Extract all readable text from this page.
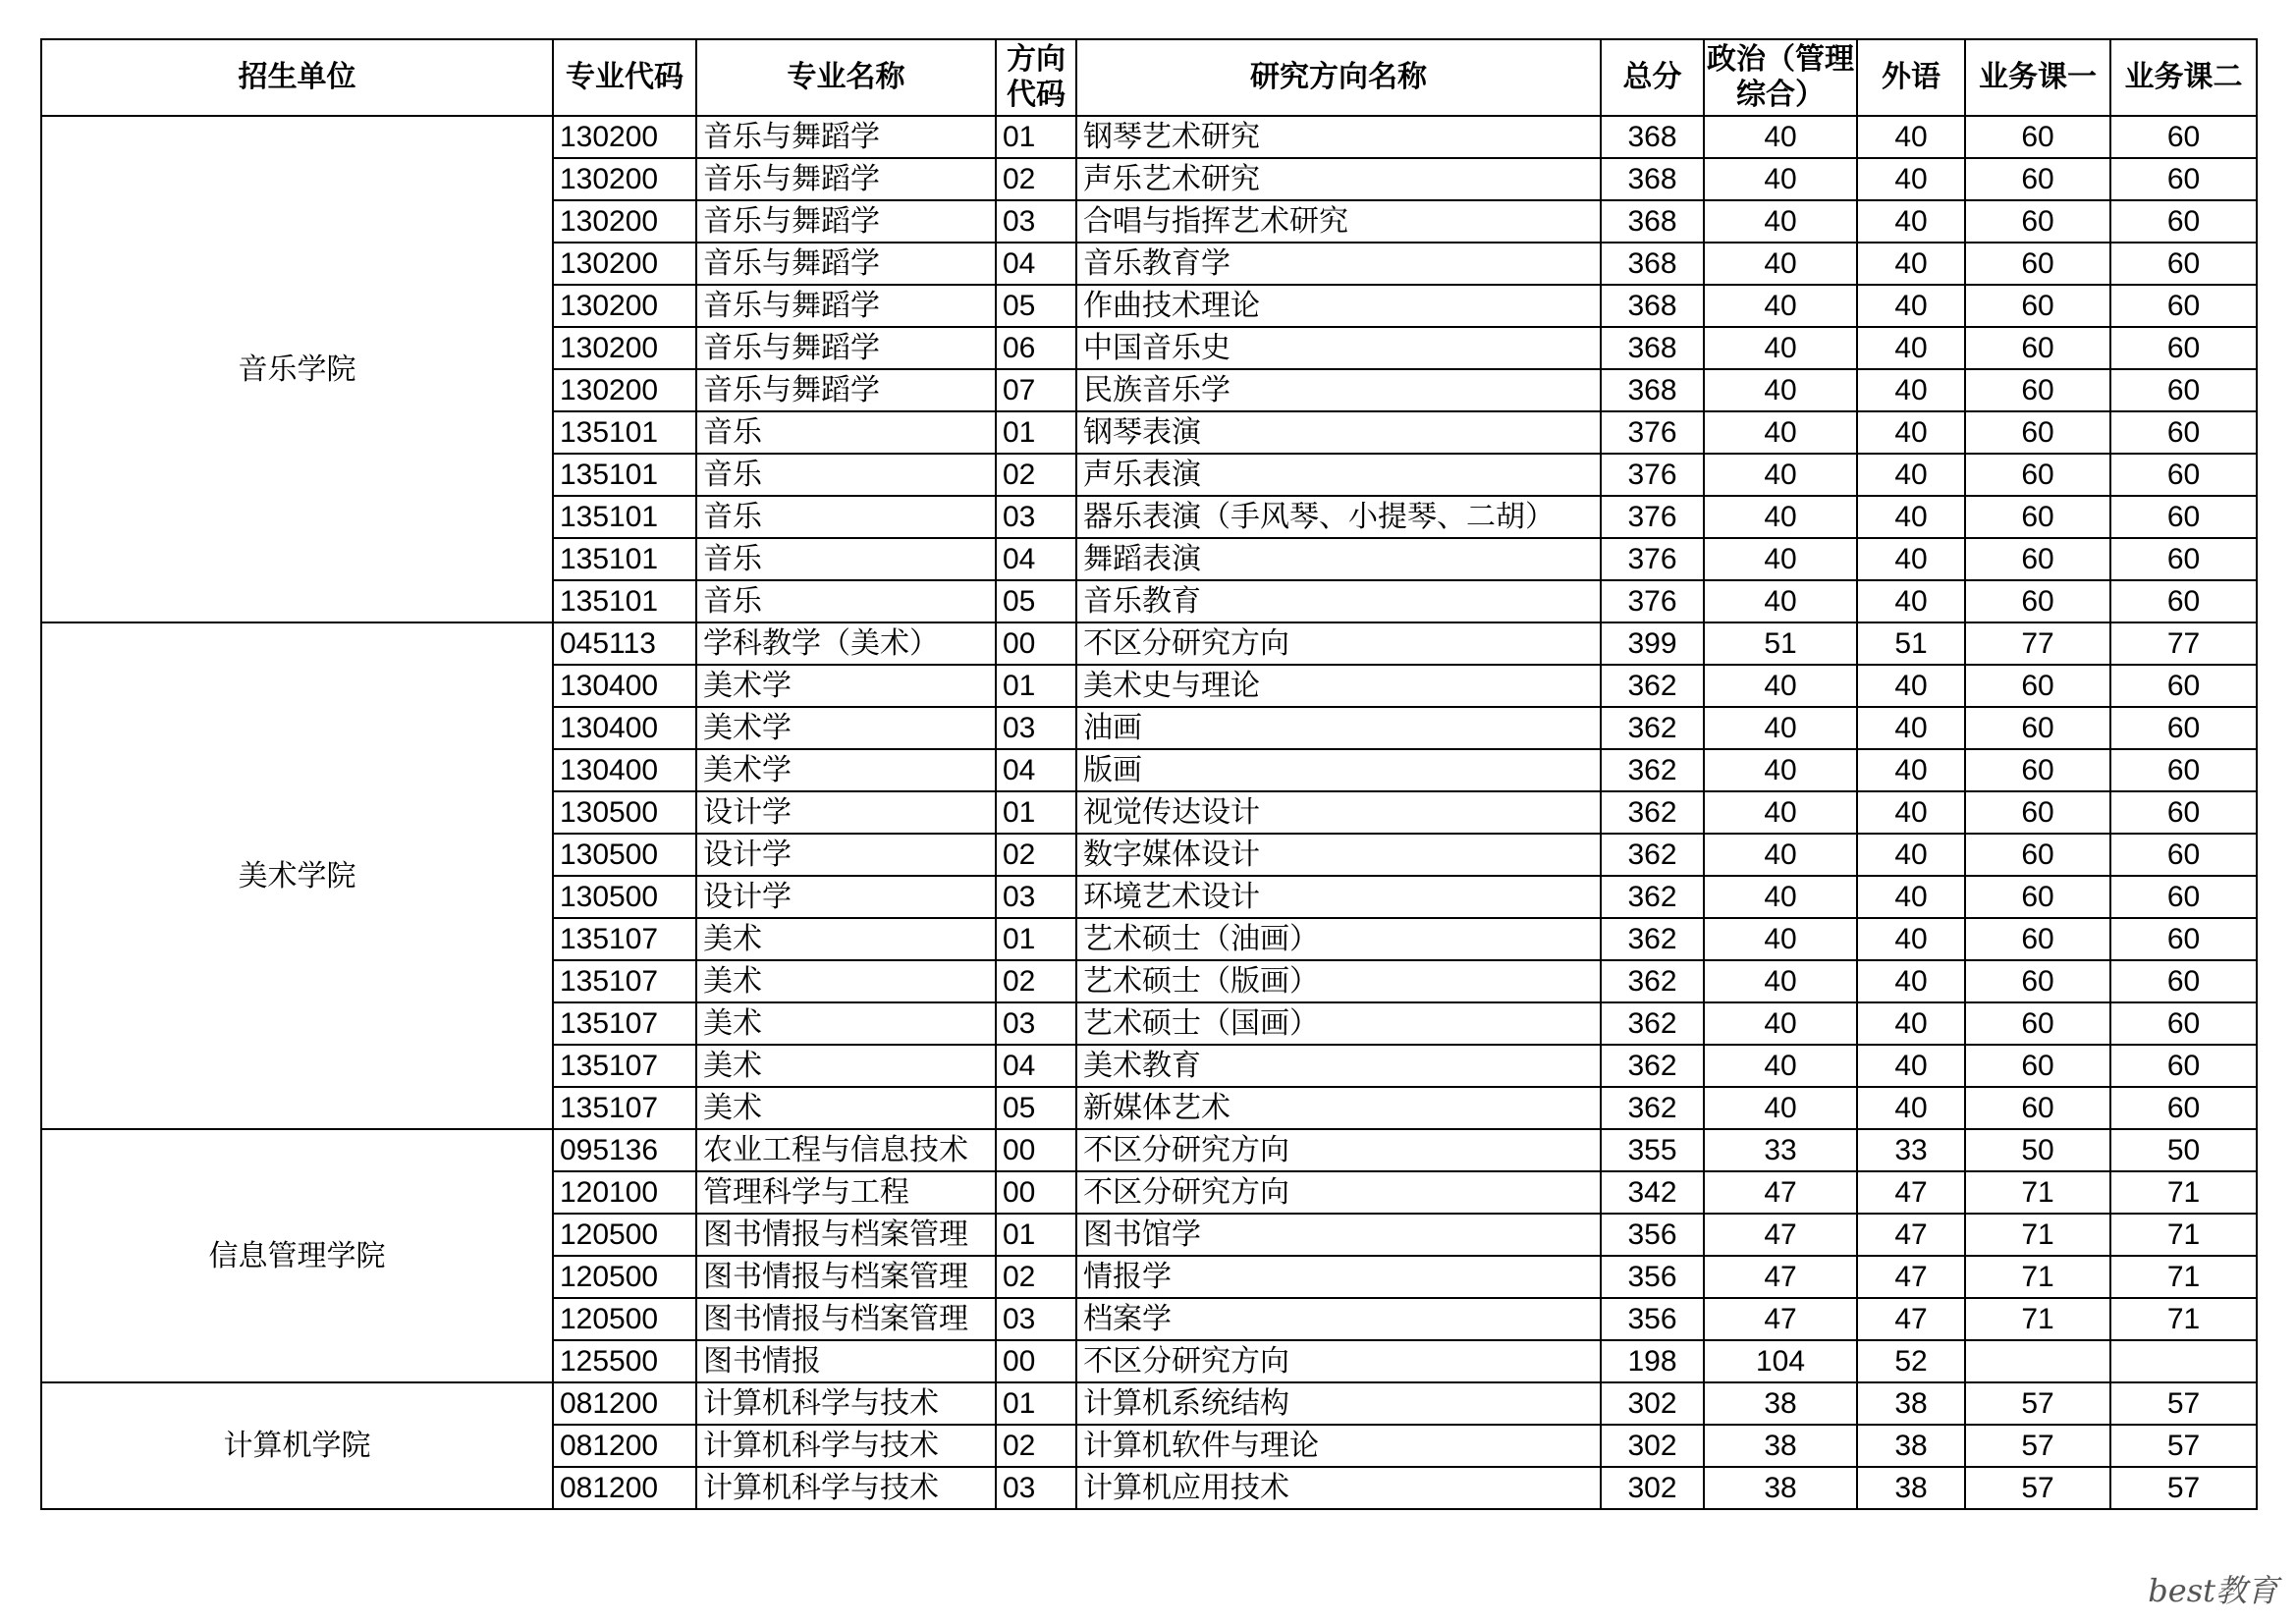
招生单位	专业代码	专业名称	方向代码	研究方向名称	总分	政治（管理综合）	外语	业务课一	业务课二
音乐学院	130200	音乐与舞蹈学	01	钢琴艺术研究	368	40	40	60	60
	130200	音乐与舞蹈学	02	声乐艺术研究	368	40	40	60	60
	130200	音乐与舞蹈学	03	合唱与指挥艺术研究	368	40	40	60	60
	130200	音乐与舞蹈学	04	音乐教育学	368	40	40	60	60
	130200	音乐与舞蹈学	05	作曲技术理论	368	40	40	60	60
	130200	音乐与舞蹈学	06	中国音乐史	368	40	40	60	60
	130200	音乐与舞蹈学	07	民族音乐学	368	40	40	60	60
	135101	音乐	01	钢琴表演	376	40	40	60	60
	135101	音乐	02	声乐表演	376	40	40	60	60
	135101	音乐	03	器乐表演（手风琴、小提琴、二胡）	376	40	40	60	60
	135101	音乐	04	舞蹈表演	376	40	40	60	60
	135101	音乐	05	音乐教育	376	40	40	60	60
美术学院	045113	学科教学（美术）	00	不区分研究方向	399	51	51	77	77
	130400	美术学	01	美术史与理论	362	40	40	60	60
	130400	美术学	03	油画	362	40	40	60	60
	130400	美术学	04	版画	362	40	40	60	60
	130500	设计学	01	视觉传达设计	362	40	40	60	60
	130500	设计学	02	数字媒体设计	362	40	40	60	60
	130500	设计学	03	环境艺术设计	362	40	40	60	60
	135107	美术	01	艺术硕士（油画）	362	40	40	60	60
	135107	美术	02	艺术硕士（版画）	362	40	40	60	60
	135107	美术	03	艺术硕士（国画）	362	40	40	60	60
	135107	美术	04	美术教育	362	40	40	60	60
	135107	美术	05	新媒体艺术	362	40	40	60	60
信息管理学院	095136	农业工程与信息技术	00	不区分研究方向	355	33	33	50	50
	120100	管理科学与工程	00	不区分研究方向	342	47	47	71	71
	120500	图书情报与档案管理	01	图书馆学	356	47	47	71	71
	120500	图书情报与档案管理	02	情报学	356	47	47	71	71
	120500	图书情报与档案管理	03	档案学	356	47	47	71	71
	125500	图书情报	00	不区分研究方向	198	104	52		
计算机学院	081200	计算机科学与技术	01	计算机系统结构	302	38	38	57	57
	081200	计算机科学与技术	02	计算机软件与理论	302	38	38	57	57
	081200	计算机科学与技术	03	计算机应用技术	302	38	38	57	57
best教育
